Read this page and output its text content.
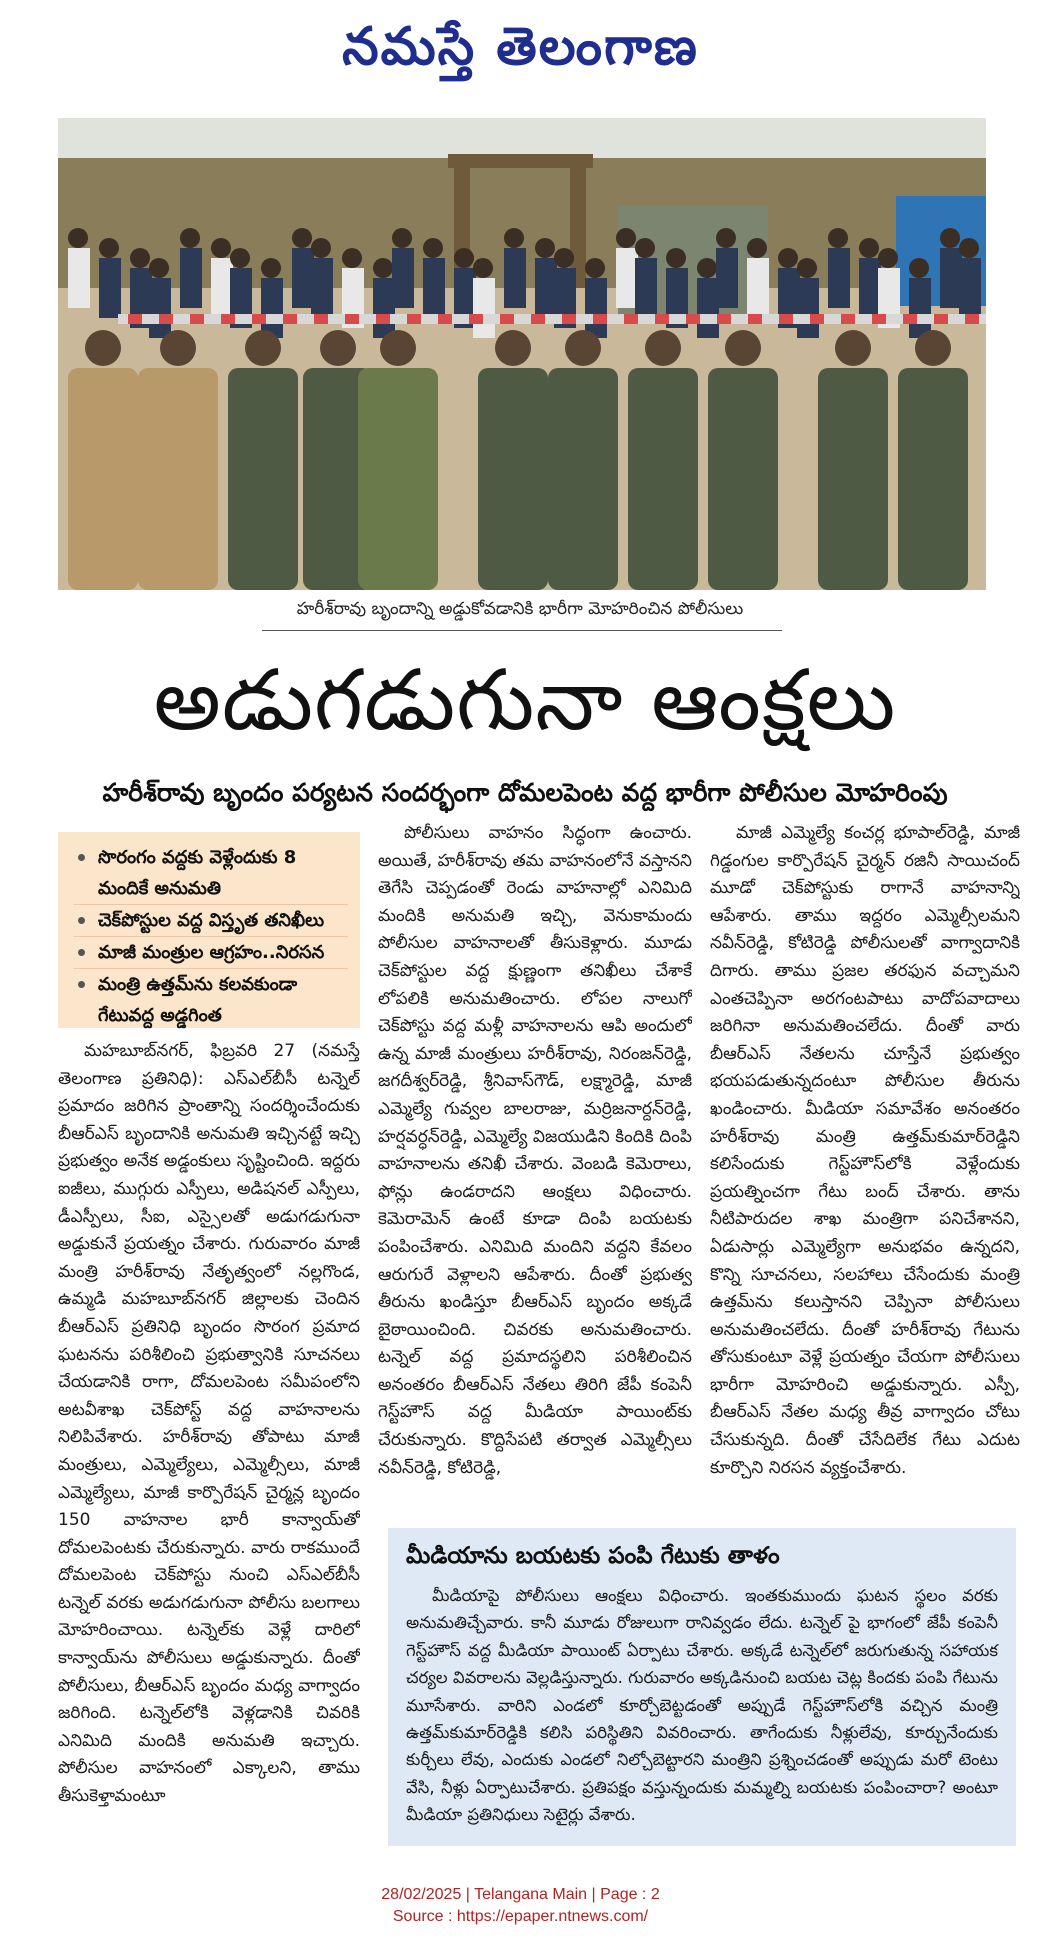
నమస్తే తెలంగాణ
హరీశ్‌రావు బృందాన్ని అడ్డుకోవడానికి భారీగా మోహరించిన పోలీసులు
అడుగడుగునా ఆంక్షలు
హరీశ్‌రావు బృందం పర్యటన సందర్భంగా దోమలపెంట వద్ద భారీగా పోలీసుల మోహరింపు
సొరంగం వద్దకు వెళ్లేందుకు 8 మందికే అనుమతి
చెక్‌పోస్టుల వద్ద విస్తృత తనిఖీలు
మాజీ మంత్రుల ఆగ్రహం..నిరసన
మంత్రి ఉత్తమ్‌ను కలవకుండా గేటువద్ద అడ్డగింత

మహబూబ్‌నగర్‌, ఫిబ్రవరి 27 (నమస్తే తెలంగాణ ప్రతినిధి): ఎస్‌ఎల్‌బీసీ టన్నెల్‌ ప్రమాదం జరిగిన ప్రాంతాన్ని సందర్శించేందుకు బీఆర్‌ఎస్‌ బృందానికి అనుమతి ఇచ్చినట్టే ఇచ్చి ప్రభుత్వం అనేక అడ్డంకులు సృష్టించింది. ఇద్దరు ఐజీలు, ముగ్గురు ఎస్పీలు, అడిషనల్‌ ఎస్పీలు, డీఎస్పీలు, సీఐ, ఎస్సైలతో అడుగడుగునా అడ్డుకునే ప్రయత్నం చేశారు. గురువారం మాజీ మంత్రి హరీశ్‌రావు నేతృత్వంలో నల్లగొండ, ఉమ్మడి మహబూబ్‌నగర్‌ జిల్లాలకు చెందిన బీఆర్‌ఎస్‌ ప్రతినిధి బృందం సొరంగ ప్రమాద ఘటనను పరిశీలించి ప్రభుత్వానికి సూచనలు చేయడానికి రాగా, దోమలపెంట సమీపంలోని అటవీశాఖ చెక్‌పోస్ట్‌ వద్ద వాహనాలను నిలిపివేశారు. హరీశ్‌రావు తోపాటు మాజీ మంత్రులు, ఎమ్మెల్యేలు, ఎమ్మెల్సీలు, మాజీ ఎమ్మెల్యేలు, మాజీ కార్పొరేషన్‌ చైర్మన్ల బృందం 150 వాహనాల భారీ కాన్వాయ్‌తో దోమలపెంటకు చేరుకున్నారు. వారు రాకముందే దోమలపెంట చెక్‌పోస్టు నుంచి ఎస్‌ఎల్‌బీసీ టన్నెల్‌ వరకు అడుగడుగునా పోలీసు బలగాలు మోహరించాయి. టన్నెల్‌కు వెళ్లే దారిలో కాన్వాయ్‌ను పోలీసులు అడ్డుకున్నారు. దీంతో పోలీసులు, బీఆర్‌ఎస్‌ బృందం మధ్య వాగ్వాదం జరిగింది. టన్నెల్‌లోకి వెళ్లడానికి చివరికి ఎనిమిది మందికి అనుమతి ఇచ్చారు. పోలీసుల వాహనంలో ఎక్కాలని, తాము తీసుకెళ్తామంటూ

పోలీసులు వాహనం సిద్ధంగా ఉంచారు. అయితే, హరీశ్‌రావు తమ వాహనంలోనే వస్తానని తెగేసి చెప్పడంతో రెండు వాహనాల్లో ఎనిమిది మందికి అనుమతి ఇచ్చి, వెనుకామందు పోలీసుల వాహనాలతో తీసుకెళ్లారు. మూడు చెక్‌పోస్టుల వద్ద క్షుణ్ణంగా తనిఖీలు చేశాకే లోపలికి అనుమతించారు. లోపల నాలుగో చెక్‌పోస్టు వద్ద మళ్లీ వాహనాలను ఆపి అందులో ఉన్న మాజీ మంత్రులు హరీశ్‌రావు, నిరంజన్‌రెడ్డి, జగదీశ్వర్‌రెడ్డి, శ్రీనివాస్‌గౌడ్‌, లక్ష్మారెడ్డి, మాజీ ఎమ్మెల్యే గువ్వల బాలరాజు, మర్రిజనార్దన్‌రెడ్డి, హర్షవర్ధన్‌రెడ్డి, ఎమ్మెల్యే విజయుడిని కిందికి దింపి వాహనాలను తనిఖీ చేశారు. వెంబడి కెమెరాలు, ఫోన్లు ఉండరాదని ఆంక్షలు విధించారు. కెమెరామెన్‌ ఉంటే కూడా దింపి బయటకు పంపించేశారు. ఎనిమిది మందిని వద్దని కేవలం ఆరుగురే వెళ్లాలని ఆపేశారు. దీంతో ప్రభుత్వ తీరును ఖండిస్తూ బీఆర్‌ఎస్‌ బృందం అక్కడే బైఠాయించింది. చివరకు అనుమతించారు. టన్నెల్‌ వద్ద ప్రమాదస్థలిని పరిశీలించిన అనంతరం బీఆర్‌ఎస్‌ నేతలు తిరిగి జేపీ కంపెనీ గెస్ట్‌హౌస్‌ వద్ద మీడియా పాయింట్‌కు చేరుకున్నారు. కొద్దిసేపటి తర్వాత ఎమ్మెల్సీలు నవీన్‌రెడ్డి, కోటిరెడ్డి,

మాజీ ఎమ్మెల్యే కంచర్ల భూపాల్‌రెడ్డి, మాజీ గిడ్డంగుల కార్పొరేషన్‌ చైర్మన్‌ రజినీ సాయిచంద్‌ మూడో చెక్‌పోస్టుకు రాగానే వాహనాన్ని ఆపేశారు. తాము ఇద్దరం ఎమ్మెల్సీలమని నవీన్‌రెడ్డి, కోటిరెడ్డి పోలీసులతో వాగ్వాదానికి దిగారు. తాము ప్రజల తరఫున వచ్చామని ఎంతచెప్పినా అరగంటపాటు వాదోపవాదాలు జరిగినా అనుమతించలేదు. దీంతో వారు బీఆర్‌ఎస్‌ నేతలను చూస్తేనే ప్రభుత్వం భయపడుతున్నదంటూ పోలీసుల తీరును ఖండించారు. మీడియా సమావేశం అనంతరం హరీశ్‌రావు మంత్రి ఉత్తమ్‌కుమార్‌రెడ్డిని కలిసేందుకు గెస్ట్‌హౌస్‌లోకి వెళ్లేందుకు ప్రయత్నించగా గేటు బంద్‌ చేశారు. తాను నీటిపారుదల శాఖ మంత్రిగా పనిచేశానని, ఏడుసార్లు ఎమ్మెల్యేగా అనుభవం ఉన్నదని, కొన్ని సూచనలు, సలహాలు చేసేందుకు మంత్రి ఉత్తమ్‌ను కలుస్తానని చెప్పినా పోలీసులు అనుమతించలేదు. దీంతో హరీశ్‌రావు గేటును తోసుకుంటూ వెళ్లే ప్రయత్నం చేయగా పోలీసులు భారీగా మోహరించి అడ్డుకున్నారు. ఎస్పీ, బీఆర్‌ఎస్‌ నేతల మధ్య తీవ్ర వాగ్వాదం చోటు చేసుకున్నది. దీంతో చేసేదిలేక గేటు ఎదుట కూర్చొని నిరసన వ్యక్తంచేశారు.

మీడియాను బయటకు పంపి గేటుకు తాళం

మీడియాపై పోలీసులు ఆంక్షలు విధించారు. ఇంతకుముందు ఘటన స్థలం వరకు అనుమతిచ్చేవారు. కానీ మూడు రోజులుగా రానివ్వడం లేదు. టన్నెల్‌ పై భాగంలో జేపీ కంపెనీ గెస్ట్‌హౌస్‌ వద్ద మీడియా పాయింట్‌ ఏర్పాటు చేశారు. అక్కడే టన్నెల్‌లో జరుగుతున్న సహాయక చర్యల వివరాలను వెల్లడిస్తున్నారు. గురువారం అక్కడినుంచి బయట చెట్ల కిందకు పంపి గేటును మూసేశారు. వారిని ఎండలో కూర్చోబెట్టడంతో అప్పుడే గెస్ట్‌హౌస్‌లోకి వచ్చిన మంత్రి ఉత్తమ్‌కుమార్‌రెడ్డికి కలిసి పరిస్థితిని వివరించారు. తాగేందుకు నీళ్లులేవు, కూర్చునేందుకు కుర్చీలు లేవు, ఎందుకు ఎండలో నిల్చోబెట్టారని మంత్రిని ప్రశ్నించడంతో అప్పుడు మరో టెంటు వేసి, నీళ్లు ఏర్పాటుచేశారు. ప్రతిపక్షం వస్తున్నందుకు మమ్మల్ని బయటకు పంపించారా? అంటూ మీడియా ప్రతినిధులు సెటైర్లు వేశారు.

28/02/2025 | Telangana Main | Page : 2
Source : https://epaper.ntnews.com/
